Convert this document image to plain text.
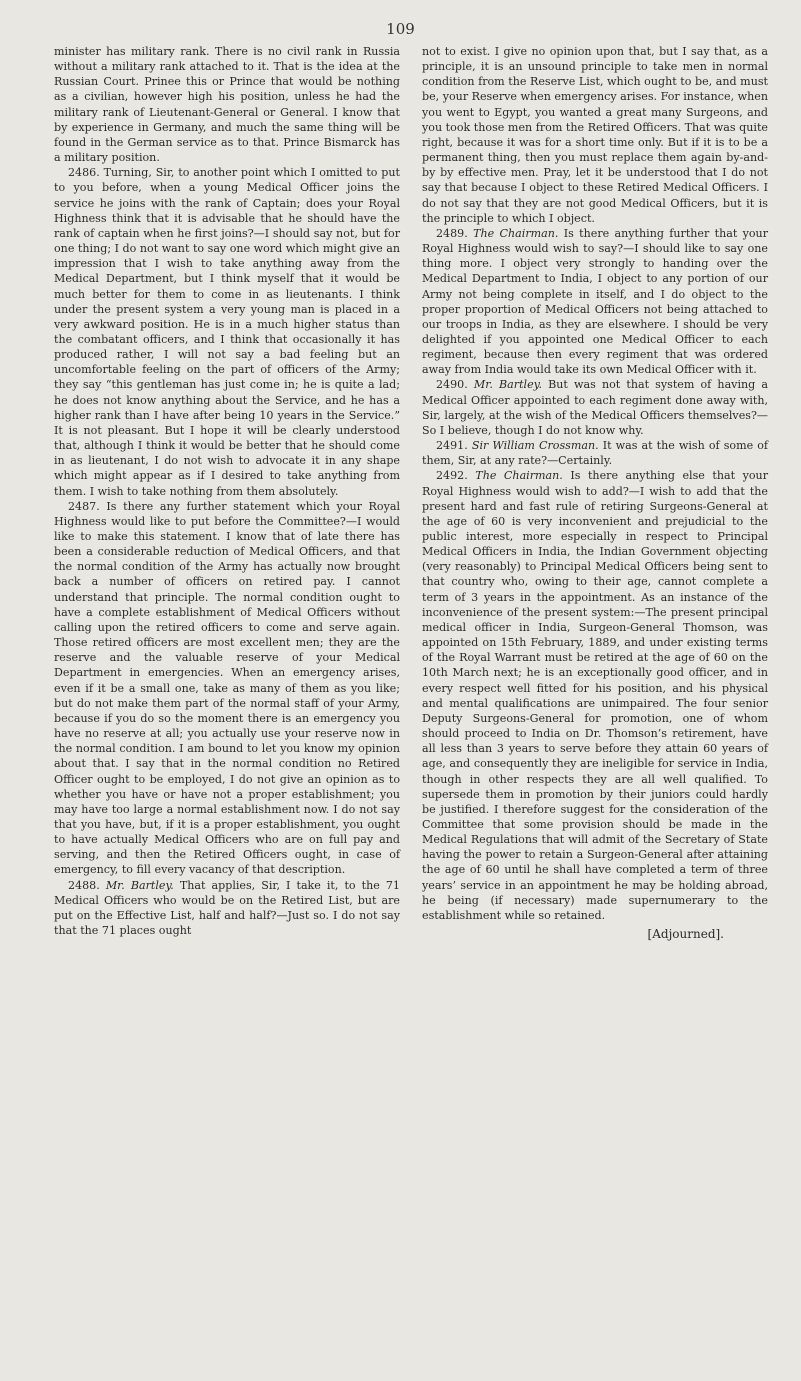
109

minister has military rank. There is no civil rank in Russia without a military rank attached to it. That is the idea at the Russian Court. Prinee this or Prince that would be nothing as a civilian, however high his position, unless he had the military rank of Lieutenant-General or General. I know that by experience in Germany, and much the same thing will be found in the German service as to that. Prince Bismarck has a military position.

2486. Turning, Sir, to another point which I omitted to put to you before, when a young Medical Officer joins the service he joins with the rank of Captain; does your Royal Highness think that it is advisable that he should have the rank of captain when he first joins?—I should say not, but for one thing; I do not want to say one word which might give an impression that I wish to take anything away from the Medical Department, but I think myself that it would be much better for them to come in as lieutenants. I think under the present system a very young man is placed in a very awkward position. He is in a much higher status than the combatant officers, and I think that occasionally it has produced rather, I will not say a bad feeling but an uncomfortable feeling on the part of officers of the Army; they say “this gentleman has just come in; he is quite a lad; he does not know anything about the Service, and he has a higher rank than I have after being 10 years in the Service.” It is not pleasant. But I hope it will be clearly understood that, although I think it would be better that he should come in as lieutenant, I do not wish to advocate it in any shape which might appear as if I desired to take anything from them. I wish to take nothing from them absolutely.

2487. Is there any further statement which your Royal Highness would like to put before the Committee?—I would like to make this statement. I know that of late there has been a considerable reduction of Medical Officers, and that the normal condition of the Army has actually now brought back a number of officers on retired pay. I cannot understand that principle. The normal condition ought to have a complete establishment of Medical Officers without calling upon the retired officers to come and serve again. Those retired officers are most excellent men; they are the reserve and the valuable reserve of your Medical Department in emergencies. When an emergency arises, even if it be a small one, take as many of them as you like; but do not make them part of the normal staff of your Army, because if you do so the moment there is an emergency you have no reserve at all; you actually use your reserve now in the normal condition. I am bound to let you know my opinion about that. I say that in the normal condition no Retired Officer ought to be employed, I do not give an opinion as to whether you have or have not a proper establishment; you may have too large a normal establishment now. I do not say that you have, but, if it is a proper establishment, you ought to have actually Medical Officers who are on full pay and serving, and then the Retired Officers ought, in case of emergency, to fill every vacancy of that description.

2488. Mr. Bartley. That applies, Sir, I take it, to the 71 Medical Officers who would be on the Retired List, but are put on the Effective List, half and half?—Just so. I do not say that the 71 places ought

not to exist. I give no opinion upon that, but I say that, as a principle, it is an unsound principle to take men in normal condition from the Reserve List, which ought to be, and must be, your Reserve when emergency arises. For instance, when you went to Egypt, you wanted a great many Surgeons, and you took those men from the Retired Officers. That was quite right, because it was for a short time only. But if it is to be a permanent thing, then you must replace them again by-and-by by effective men. Pray, let it be understood that I do not say that because I object to these Retired Medical Officers. I do not say that they are not good Medical Officers, but it is the principle to which I object.

2489. The Chairman. Is there anything further that your Royal Highness would wish to say?—I should like to say one thing more. I object very strongly to handing over the Medical Department to India, I object to any portion of our Army not being complete in itself, and I do object to the proper proportion of Medical Officers not being attached to our troops in India, as they are elsewhere. I should be very delighted if you appointed one Medical Officer to each regiment, because then every regiment that was ordered away from India would take its own Medical Officer with it.

2490. Mr. Bartley. But was not that system of having a Medical Officer appointed to each regiment done away with, Sir, largely, at the wish of the Medical Officers themselves?—So I believe, though I do not know why.

2491. Sir William Crossman. It was at the wish of some of them, Sir, at any rate?—Certainly.

2492. The Chairman. Is there anything else that your Royal Highness would wish to add?—I wish to add that the present hard and fast rule of retiring Surgeons-General at the age of 60 is very inconvenient and prejudicial to the public interest, more especially in respect to Principal Medical Officers in India, the Indian Government objecting (very reasonably) to Principal Medical Officers being sent to that country who, owing to their age, cannot complete a term of 3 years in the appointment. As an instance of the inconvenience of the present system:—The present principal medical officer in India, Surgeon-General Thomson, was appointed on 15th February, 1889, and under existing terms of the Royal Warrant must be retired at the age of 60 on the 10th March next; he is an exceptionally good officer, and in every respect well fitted for his position, and his physical and mental qualifications are unimpaired. The four senior Deputy Surgeons-General for promotion, one of whom should proceed to India on Dr. Thomson’s retirement, have all less than 3 years to serve before they attain 60 years of age, and consequently they are ineligible for service in India, though in other respects they are all well qualified. To supersede them in promotion by their juniors could hardly be justified. I therefore suggest for the consideration of the Committee that some provision should be made in the Medical Regulations that will admit of the Secretary of State having the power to retain a Surgeon-General after attaining the age of 60 until he shall have completed a term of three years’ service in an appointment he may be holding abroad, he being (if necessary) made supernumerary to the establishment while so retained.

[Adjourned].
